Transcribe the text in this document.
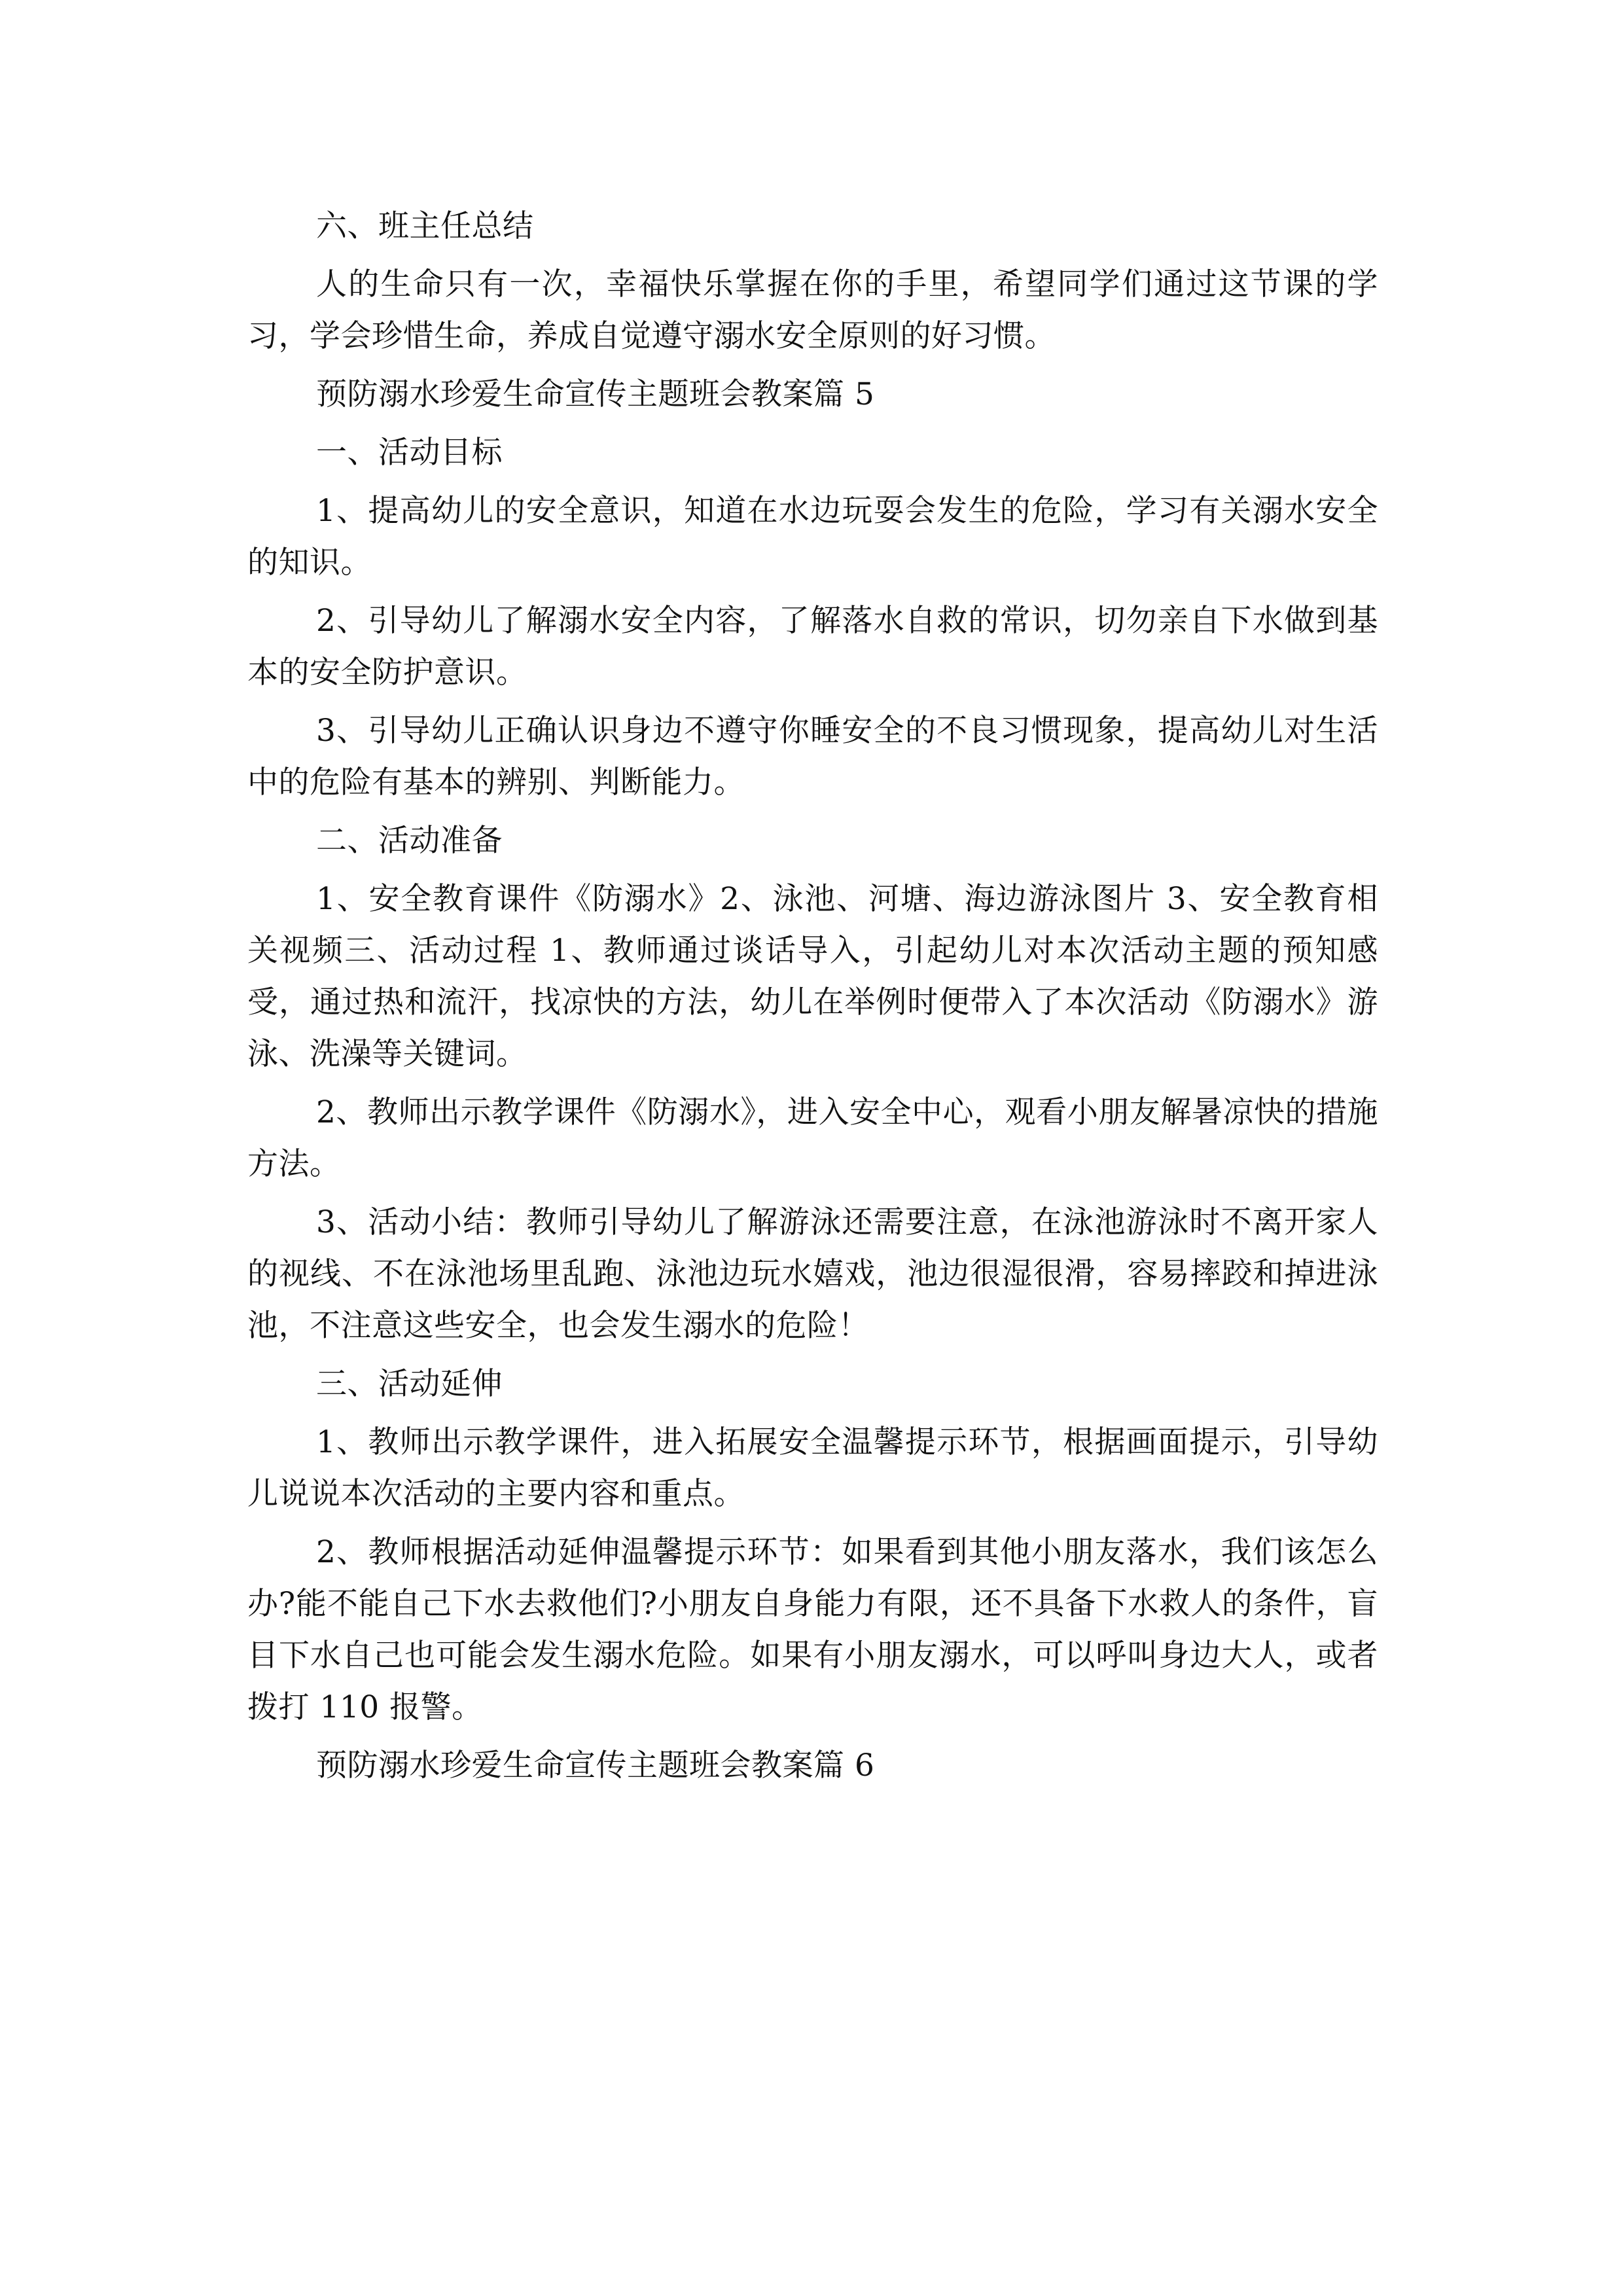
六、班主任总结

人的生命只有一次，幸福快乐掌握在你的手里，希望同学们通过这节课的学习，学会珍惜生命，养成自觉遵守溺水安全原则的好习惯。

预防溺水珍爱生命宣传主题班会教案篇 5

一、活动目标

1、提高幼儿的安全意识，知道在水边玩耍会发生的危险，学习有关溺水安全的知识。

2、引导幼儿了解溺水安全内容，了解落水自救的常识，切勿亲自下水做到基本的安全防护意识。

3、引导幼儿正确认识身边不遵守你睡安全的不良习惯现象，提高幼儿对生活中的危险有基本的辨别、判断能力。

二、活动准备

1、安全教育课件《防溺水》2、泳池、河塘、海边游泳图片 3、安全教育相关视频三、活动过程 1、教师通过谈话导入，引起幼儿对本次活动主题的预知感受，通过热和流汗，找凉快的方法，幼儿在举例时便带入了本次活动《防溺水》游泳、洗澡等关键词。

2、教师出示教学课件《防溺水》，进入安全中心，观看小朋友解暑凉快的措施方法。

3、活动小结：教师引导幼儿了解游泳还需要注意，在泳池游泳时不离开家人的视线、不在泳池场里乱跑、泳池边玩水嬉戏，池边很湿很滑，容易摔跤和掉进泳池，不注意这些安全，也会发生溺水的危险！

三、活动延伸

1、教师出示教学课件，进入拓展安全温馨提示环节，根据画面提示，引导幼儿说说本次活动的主要内容和重点。

2、教师根据活动延伸温馨提示环节：如果看到其他小朋友落水，我们该怎么办?能不能自己下水去救他们?小朋友自身能力有限，还不具备下水救人的条件，盲目下水自己也可能会发生溺水危险。如果有小朋友溺水，可以呼叫身边大人，或者拨打 110 报警。

预防溺水珍爱生命宣传主题班会教案篇 6
